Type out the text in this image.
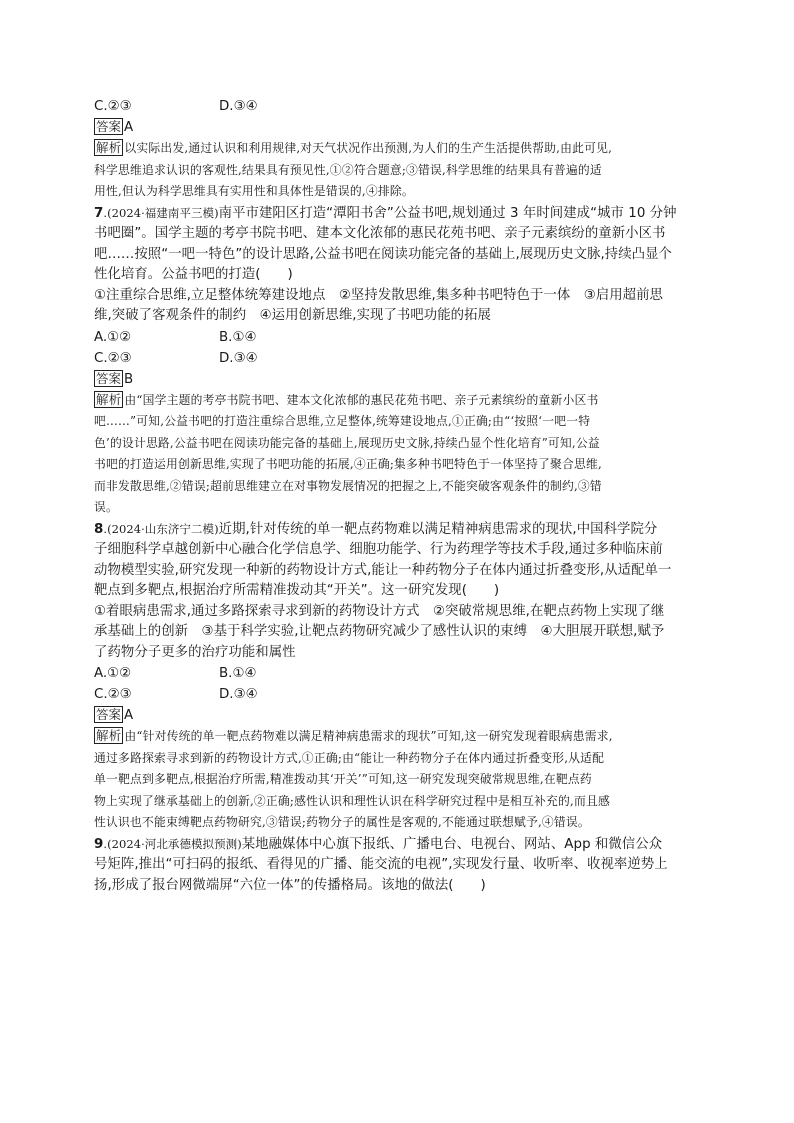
C.②③	D.③④
答案 A
解析 以实际出发,通过认识和利用规律,对天气状况作出预测,为人们的生产生活提供帮助,由此可见,
科学思维追求认识的客观性,结果具有预见性,①②符合题意;③错误,科学思维的结果具有普遍的适
用性,但认为科学思维具有实用性和具体性是错误的,④排除。
7.(2024·福建南平三模)南平市建阳区打造“潭阳书舍”公益书吧,规划通过 3 年时间建成“城市 10 分钟
书吧圈”。国学主题的考亭书院书吧、建本文化浓郁的惠民花苑书吧、亲子元素缤纷的童新小区书
吧……按照“一吧一特色”的设计思路,公益书吧在阅读功能完备的基础上,展现历史文脉,持续凸显个
性化培育。公益书吧的打造(　　)
①注重综合思维,立足整体统筹建设地点　②坚持发散思维,集多种书吧特色于一体　③启用超前思
维,突破了客观条件的制约　④运用创新思维,实现了书吧功能的拓展
A.①②	B.①④
C.②③	D.③④
答案 B
解析 由“国学主题的考亭书院书吧、建本文化浓郁的惠民花苑书吧、亲子元素缤纷的童新小区书
吧……”可知,公益书吧的打造注重综合思维,立足整体,统筹建设地点,①正确;由“‘按照‘一吧一特
色’的设计思路,公益书吧在阅读功能完备的基础上,展现历史文脉,持续凸显个性化培育”可知,公益
书吧的打造运用创新思维,实现了书吧功能的拓展,④正确;集多种书吧特色于一体坚持了聚合思维,
而非发散思维,②错误;超前思维建立在对事物发展情况的把握之上,不能突破客观条件的制约,③错
误。
8.(2024·山东济宁二模)近期,针对传统的单一靶点药物难以满足精神病患需求的现状,中国科学院分
子细胞科学卓越创新中心融合化学信息学、细胞功能学、行为药理学等技术手段,通过多种临床前
动物模型实验,研究发现一种新的药物设计方式,能让一种药物分子在体内通过折叠变形,从适配单一
靶点到多靶点,根据治疗所需精准拨动其“开关”。这一研究发现(　　)
①着眼病患需求,通过多路探索寻求到新的药物设计方式　②突破常规思维,在靶点药物上实现了继
承基础上的创新　③基于科学实验,让靶点药物研究减少了感性认识的束缚　④大胆展开联想,赋予
了药物分子更多的治疗功能和属性
A.①②	B.①④
C.②③	D.③④
答案 A
解析 由“针对传统的单一靶点药物难以满足精神病患需求的现状”可知,这一研究发现着眼病患需求,
通过多路探索寻求到新的药物设计方式,①正确;由“能让一种药物分子在体内通过折叠变形,从适配
单一靶点到多靶点,根据治疗所需,精准拨动其‘开关’”可知,这一研究发现突破常规思维,在靶点药
物上实现了继承基础上的创新,②正确;感性认识和理性认识在科学研究过程中是相互补充的,而且感
性认识也不能束缚靶点药物研究,③错误;药物分子的属性是客观的,不能通过联想赋予,④错误。
9.(2024·河北承德模拟预测)某地融媒体中心旗下报纸、广播电台、电视台、网站、App 和微信公众
号矩阵,推出“可扫码的报纸、看得见的广播、能交流的电视”,实现发行量、收听率、收视率逆势上
扬,形成了报台网微端屏“六位一体”的传播格局。该地的做法(　　)
